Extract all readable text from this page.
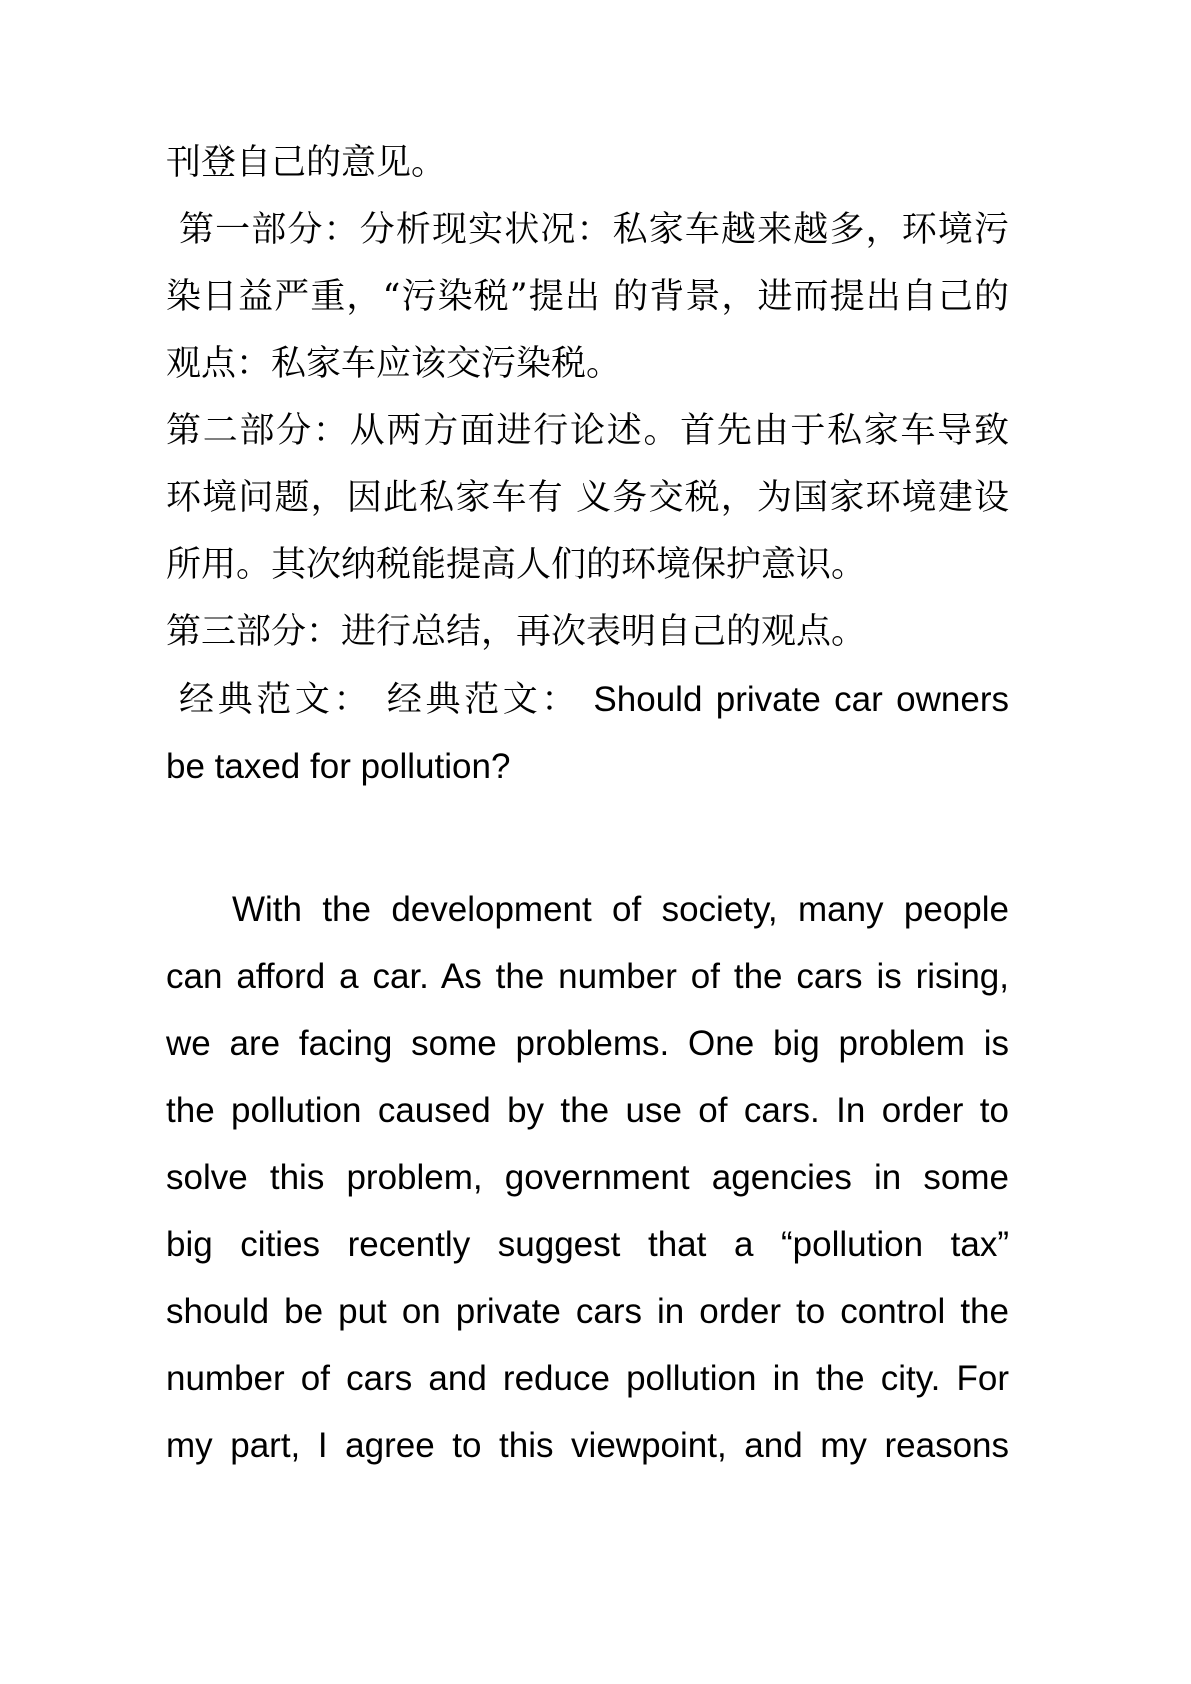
刊登自己的意见。
第一部分：分析现实状况：私家车越来越多，环境污
染日益严重，“污染税”提出 的背景，进而提出自己的
观点：私家车应该交污染税。
第二部分：从两方面进行论述。首先由于私家车导致
环境问题，因此私家车有 义务交税，为国家环境建设
所用。其次纳税能提高人们的环境保护意识。
第三部分：进行总结，再次表明自己的观点。
经典范文： 经典范文： Should private car owners
be taxed for pollution?
With the development of society, many people
can afford a car. As the number of the cars is rising,
we are facing some problems. One big problem is
the pollution caused by the use of cars. In order to
solve this problem, government agencies in some
big cities recently suggest that a “pollution tax”
should be put on private cars in order to control the
number of cars and reduce pollution in the city. For
my part, I agree to this viewpoint, and my reasons
